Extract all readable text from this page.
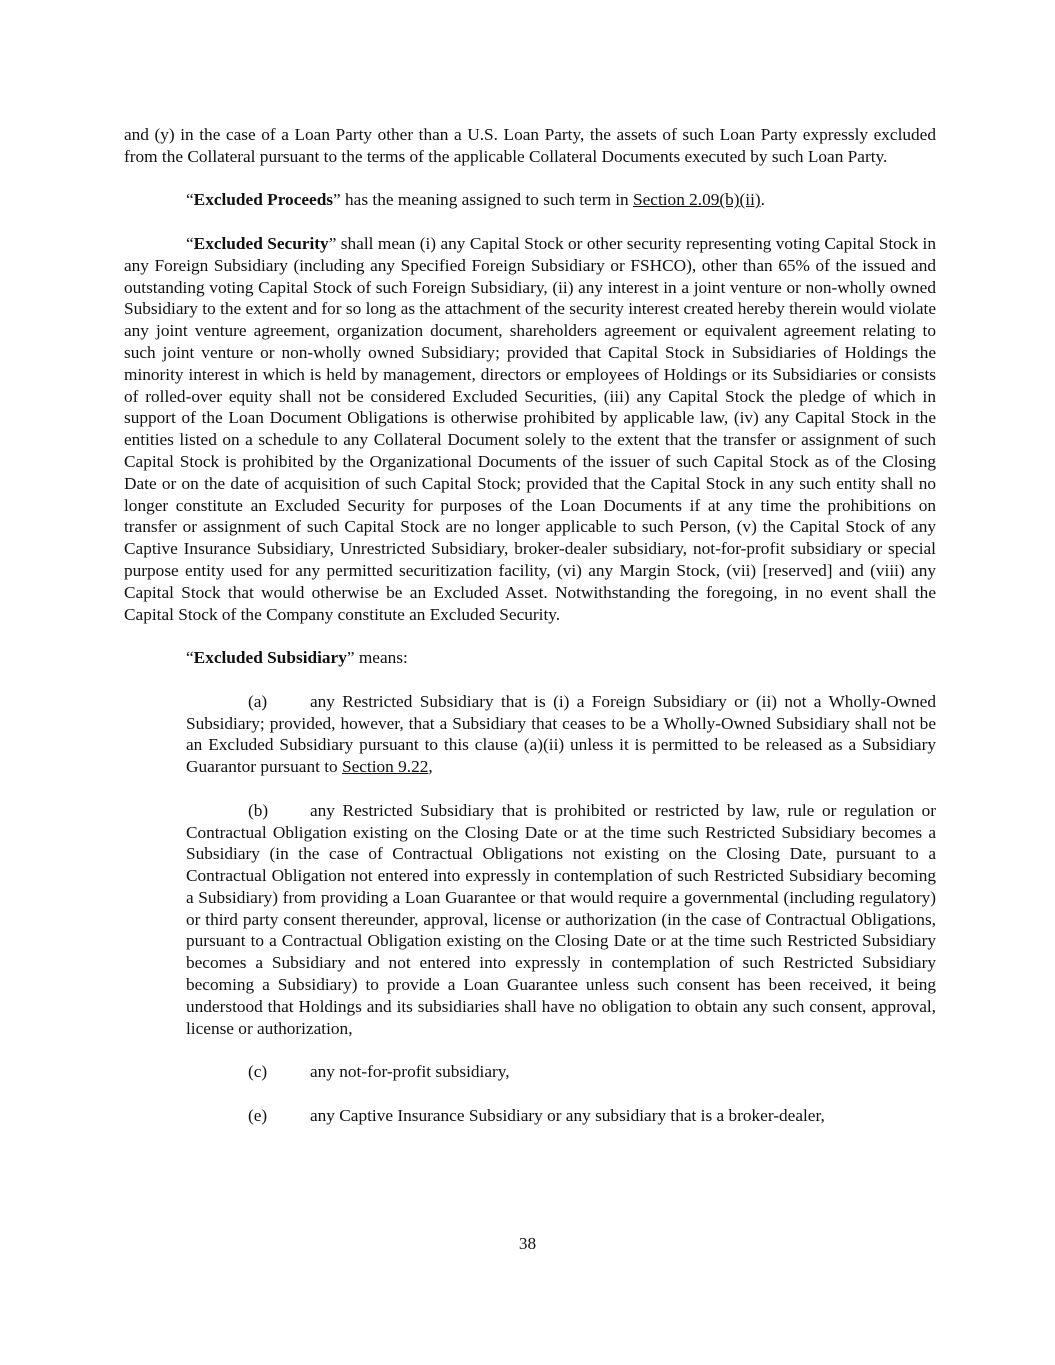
and (y) in the case of a Loan Party other than a U.S. Loan Party, the assets of such Loan Party expressly excluded from the Collateral pursuant to the terms of the applicable Collateral Documents executed by such Loan Party.

“Excluded Proceeds” has the meaning assigned to such term in Section 2.09(b)(ii).

“Excluded Security” shall mean (i) any Capital Stock or other security representing voting Capital Stock in any Foreign Subsidiary (including any Specified Foreign Subsidiary or FSHCO), other than 65% of the issued and outstanding voting Capital Stock of such Foreign Subsidiary, (ii) any interest in a joint venture or non-wholly owned Subsidiary to the extent and for so long as the attachment of the security interest created hereby therein would violate any joint venture agreement, organization document, shareholders agreement or equivalent agreement relating to such joint venture or non-wholly owned Subsidiary; provided that Capital Stock in Subsidiaries of Holdings the minority interest in which is held by management, directors or employees of Holdings or its Subsidiaries or consists of rolled-over equity shall not be considered Excluded Securities, (iii) any Capital Stock the pledge of which in support of the Loan Document Obligations is otherwise prohibited by applicable law, (iv) any Capital Stock in the entities listed on a schedule to any Collateral Document solely to the extent that the transfer or assignment of such Capital Stock is prohibited by the Organizational Documents of the issuer of such Capital Stock as of the Closing Date or on the date of acquisition of such Capital Stock; provided that the Capital Stock in any such entity shall no longer constitute an Excluded Security for purposes of the Loan Documents if at any time the prohibitions on transfer or assignment of such Capital Stock are no longer applicable to such Person, (v) the Capital Stock of any Captive Insurance Subsidiary, Unrestricted Subsidiary, broker-dealer subsidiary, not-for-profit subsidiary or special purpose entity used for any permitted securitization facility, (vi) any Margin Stock, (vii) [reserved] and (viii) any Capital Stock that would otherwise be an Excluded Asset. Notwithstanding the foregoing, in no event shall the Capital Stock of the Company constitute an Excluded Security.

“Excluded Subsidiary” means:

(a) any Restricted Subsidiary that is (i) a Foreign Subsidiary or (ii) not a Wholly-Owned Subsidiary; provided, however, that a Subsidiary that ceases to be a Wholly-Owned Subsidiary shall not be an Excluded Subsidiary pursuant to this clause (a)(ii) unless it is permitted to be released as a Subsidiary Guarantor pursuant to Section 9.22,

(b) any Restricted Subsidiary that is prohibited or restricted by law, rule or regulation or Contractual Obligation existing on the Closing Date or at the time such Restricted Subsidiary becomes a Subsidiary (in the case of Contractual Obligations not existing on the Closing Date, pursuant to a Contractual Obligation not entered into expressly in contemplation of such Restricted Subsidiary becoming a Subsidiary) from providing a Loan Guarantee or that would require a governmental (including regulatory) or third party consent thereunder, approval, license or authorization (in the case of Contractual Obligations, pursuant to a Contractual Obligation existing on the Closing Date or at the time such Restricted Subsidiary becomes a Subsidiary and not entered into expressly in contemplation of such Restricted Subsidiary becoming a Subsidiary) to provide a Loan Guarantee unless such consent has been received, it being understood that Holdings and its subsidiaries shall have no obligation to obtain any such consent, approval, license or authorization,

(c)	any not-for-profit subsidiary,
(e)	any Captive Insurance Subsidiary or any subsidiary that is a broker-dealer,
38
